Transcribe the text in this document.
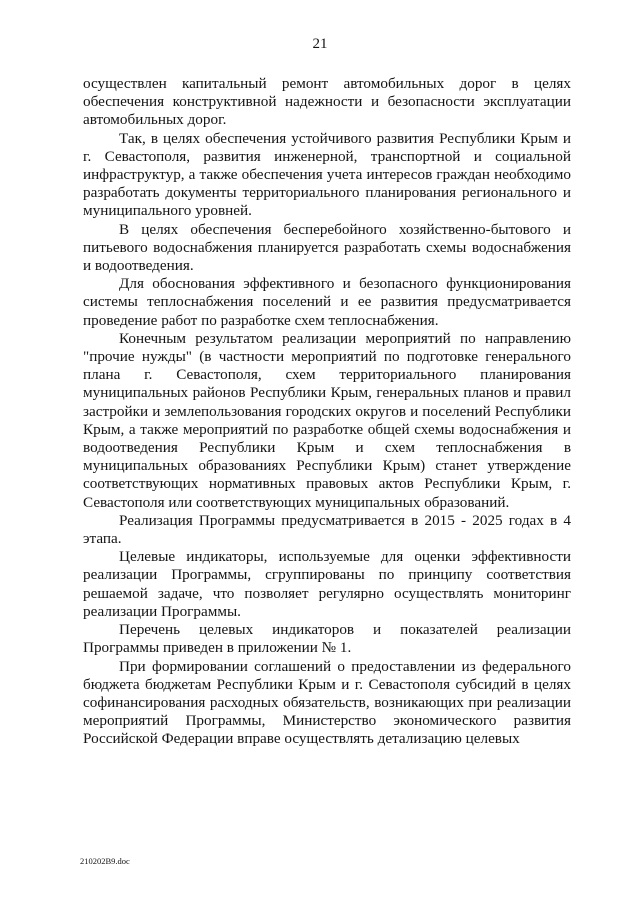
21

осуществлен капитальный ремонт автомобильных дорог в целях обеспечения конструктивной надежности и безопасности эксплуатации автомобильных дорог.

Так, в целях обеспечения устойчивого развития Республики Крым и г. Севастополя, развития инженерной, транспортной и социальной инфраструктур, а также обеспечения учета интересов граждан необходимо разработать документы территориального планирования регионального и муниципального уровней.

В целях обеспечения бесперебойного хозяйственно-бытового и питьевого водоснабжения планируется разработать схемы водоснабжения и водоотведения.

Для обоснования эффективного и безопасного функционирования системы теплоснабжения поселений и ее развития предусматривается проведение работ по разработке схем теплоснабжения.

Конечным результатом реализации мероприятий по направлению "прочие нужды" (в частности мероприятий по подготовке генерального плана г. Севастополя, схем территориального планирования муниципальных районов Республики Крым, генеральных планов и правил застройки и землепользования городских округов и поселений Республики Крым, а также мероприятий по разработке общей схемы водоснабжения и водоотведения Республики Крым и схем теплоснабжения в муниципальных образованиях Республики Крым) станет утверждение соответствующих нормативных правовых актов Республики Крым, г. Севастополя или соответствующих муниципальных образований.

Реализация Программы предусматривается в 2015 - 2025 годах в 4 этапа.

Целевые индикаторы, используемые для оценки эффективности реализации Программы, сгруппированы по принципу соответствия решаемой задаче, что позволяет регулярно осуществлять мониторинг реализации Программы.

Перечень целевых индикаторов и показателей реализации Программы приведен в приложении № 1.

При формировании соглашений о предоставлении из федерального бюджета бюджетам Республики Крым и г. Севастополя субсидий в целях софинансирования расходных обязательств, возникающих при реализации мероприятий Программы, Министерство экономического развития Российской Федерации вправе осуществлять детализацию целевых

210202В9.doc
